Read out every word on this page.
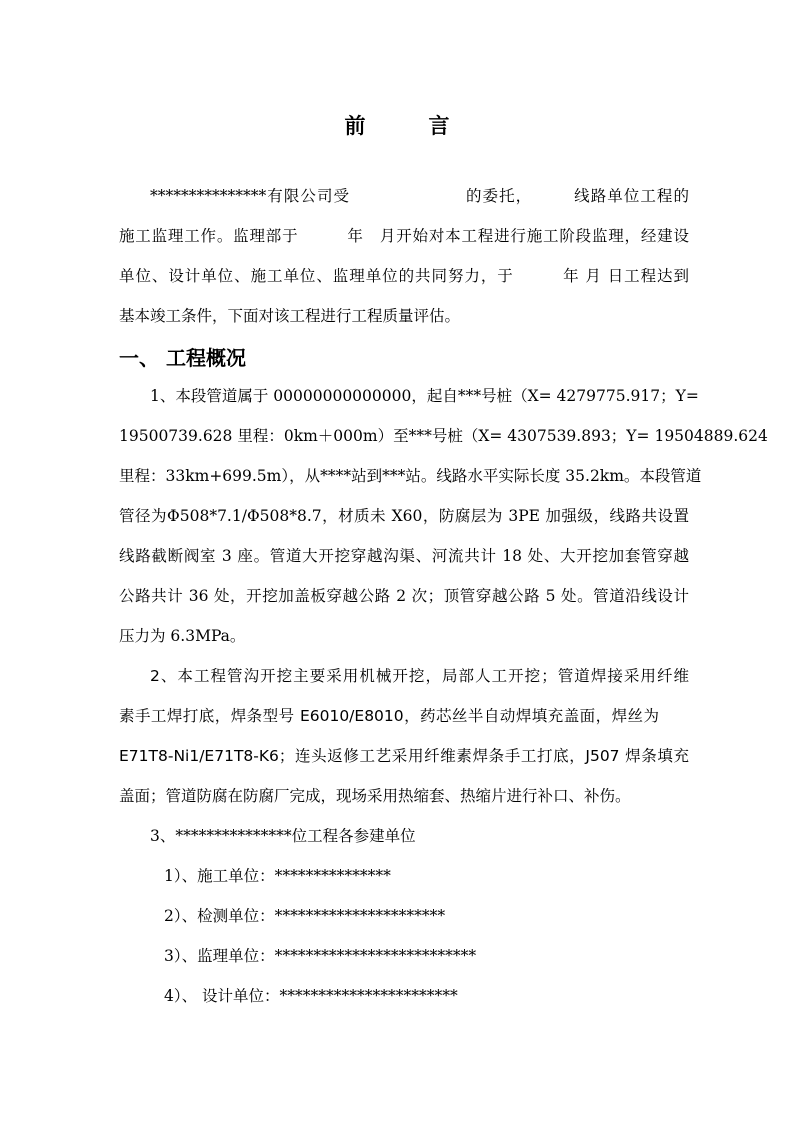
前　　　言
***************有限公司受　　　　　　　的委托，　　　线路单位工程的
施工监理工作。监理部于　　　年　月开始对本工程进行施工阶段监理，经建设
单位、设计单位、施工单位、监理单位的共同努力，于　　　年 月 日工程达到
基本竣工条件，下面对该工程进行工程质量评估。
一、 工程概况
1、本段管道属于 00000000000000，起自***号桩（X= 4279775.917；Y=
19500739.628 里程：0km＋000m）至***号桩（X= 4307539.893；Y= 19504889.624
里程：33km+699.5m），从****站到***站。线路水平实际长度 35.2km。本段管道
管径为Φ508*7.1/Φ508*8.7，材质未 X60，防腐层为 3PE 加强级，线路共设置
线路截断阀室 3 座。管道大开挖穿越沟渠、河流共计 18 处、大开挖加套管穿越
公路共计 36 处，开挖加盖板穿越公路 2 次；顶管穿越公路 5 处。管道沿线设计
压力为 6.3MPa。
2、本工程管沟开挖主要采用机械开挖，局部人工开挖；管道焊接采用纤维
素手工焊打底，焊条型号 E6010/E8010，药芯丝半自动焊填充盖面，焊丝为
E71T8-Ni1/E71T8-K6；连头返修工艺采用纤维素焊条手工打底，J507 焊条填充
盖面；管道防腐在防腐厂完成，现场采用热缩套、热缩片进行补口、补伤。
3、***************位工程各参建单位
1）、施工单位：***************
2）、检测单位：**********************
3）、监理单位：**************************
4）、 设计单位：***********************
